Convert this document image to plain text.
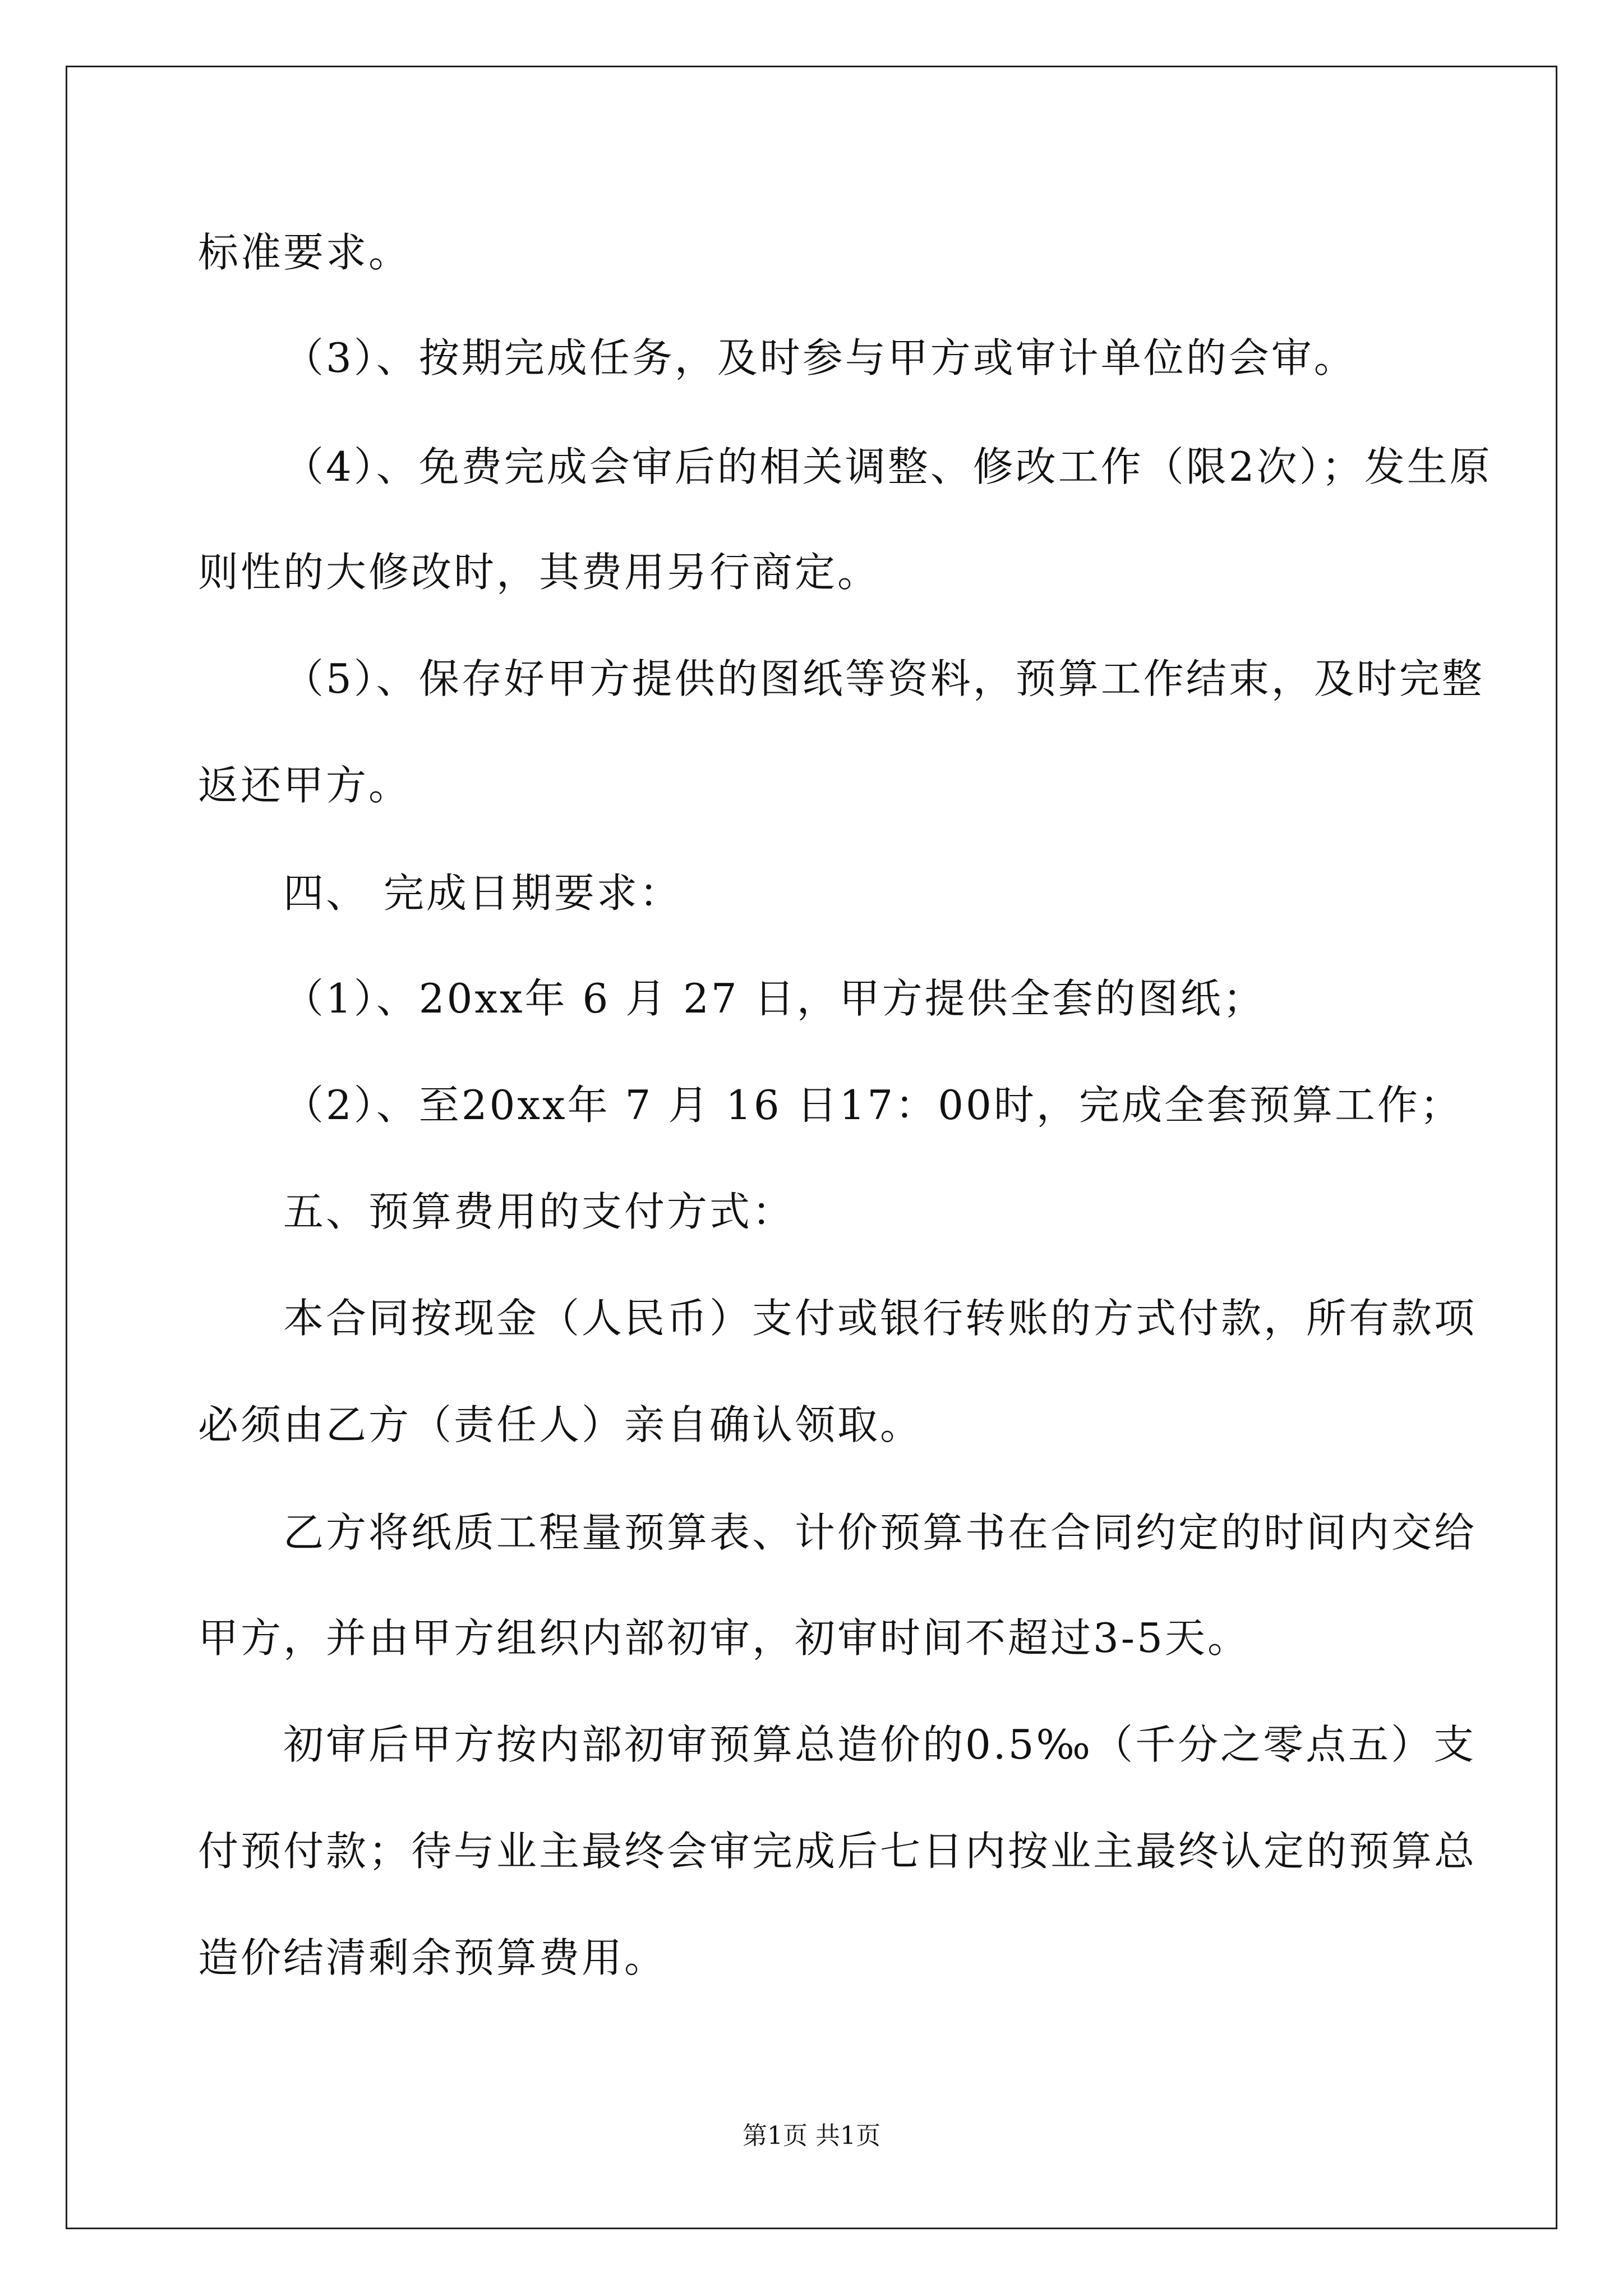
标准要求。
（3）、按期完成任务，及时参与甲方或审计单位的会审。
（4）、免费完成会审后的相关调整、修改工作（限2次）；发生原
则性的大修改时，其费用另行商定。
（5）、保存好甲方提供的图纸等资料，预算工作结束，及时完整
返还甲方。
四、 完成日期要求：
（1）、20xx年 6 月 27 日，甲方提供全套的图纸；
（2）、至20xx年 7 月 16 日17：00时，完成全套预算工作；
五、预算费用的支付方式：
本合同按现金（人民币）支付或银行转账的方式付款，所有款项
必须由乙方（责任人）亲自确认领取。
乙方将纸质工程量预算表、计价预算书在合同约定的时间内交给
甲方，并由甲方组织内部初审，初审时间不超过3-5天。
初审后甲方按内部初审预算总造价的0.5‰（千分之零点五）支
付预付款；待与业主最终会审完成后七日内按业主最终认定的预算总
造价结清剩余预算费用。
第1页 共1页
